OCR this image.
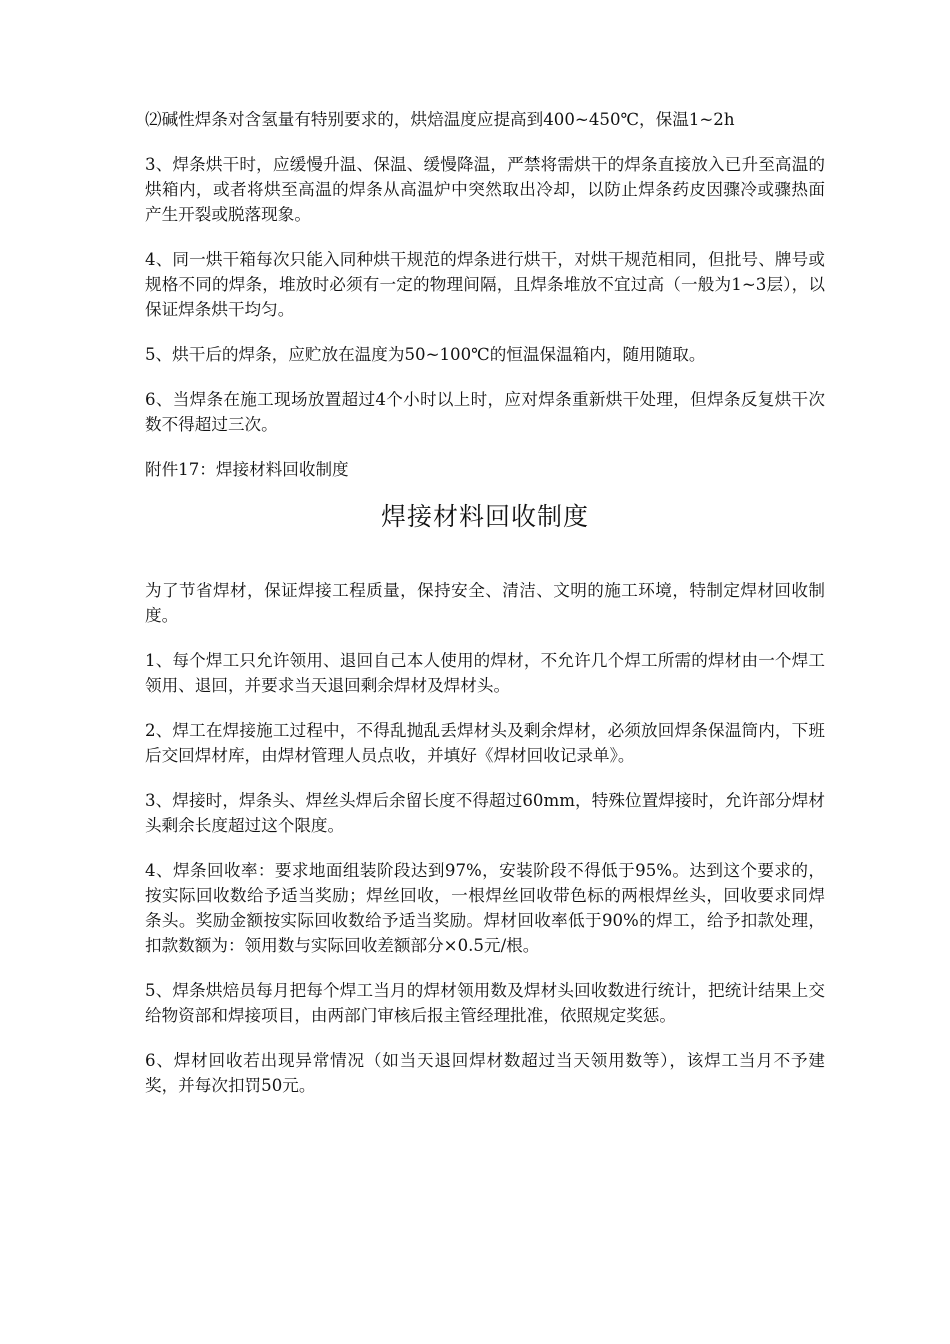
⑵碱性焊条对含氢量有特别要求的，烘焙温度应提高到400~450℃，保温1~2h

3、焊条烘干时，应缓慢升温、保温、缓慢降温，严禁将需烘干的焊条直接放入已升至高温的烘箱内，或者将烘至高温的焊条从高温炉中突然取出冷却，以防止焊条药皮因骤冷或骤热面产生开裂或脱落现象。

4、同一烘干箱每次只能入同种烘干规范的焊条进行烘干，对烘干规范相同，但批号、牌号或规格不同的焊条，堆放时必须有一定的物理间隔，且焊条堆放不宜过高（一般为1~3层），以保证焊条烘干均匀。

5、烘干后的焊条，应贮放在温度为50~100℃的恒温保温箱内，随用随取。

6、当焊条在施工现场放置超过4个小时以上时，应对焊条重新烘干处理，但焊条反复烘干次数不得超过三次。

附件17：焊接材料回收制度

焊接材料回收制度

为了节省焊材，保证焊接工程质量，保持安全、清洁、文明的施工环境，特制定焊材回收制度。

1、每个焊工只允许领用、退回自己本人使用的焊材，不允许几个焊工所需的焊材由一个焊工领用、退回，并要求当天退回剩余焊材及焊材头。

2、焊工在焊接施工过程中，不得乱抛乱丢焊材头及剩余焊材，必须放回焊条保温筒内，下班后交回焊材库，由焊材管理人员点收，并填好《焊材回收记录单》。

3、焊接时，焊条头、焊丝头焊后余留长度不得超过60mm，特殊位置焊接时，允许部分焊材头剩余长度超过这个限度。

4、焊条回收率：要求地面组装阶段达到97%，安装阶段不得低于95%。达到这个要求的，按实际回收数给予适当奖励；焊丝回收，一根焊丝回收带色标的两根焊丝头，回收要求同焊条头。奖励金额按实际回收数给予适当奖励。焊材回收率低于90%的焊工，给予扣款处理，扣款数额为：领用数与实际回收差额部分×0.5元/根。

5、焊条烘焙员每月把每个焊工当月的焊材领用数及焊材头回收数进行统计，把统计结果上交给物资部和焊接项目，由两部门审核后报主管经理批准，依照规定奖惩。

6、焊材回收若出现异常情况（如当天退回焊材数超过当天领用数等），该焊工当月不予建奖，并每次扣罚50元。
